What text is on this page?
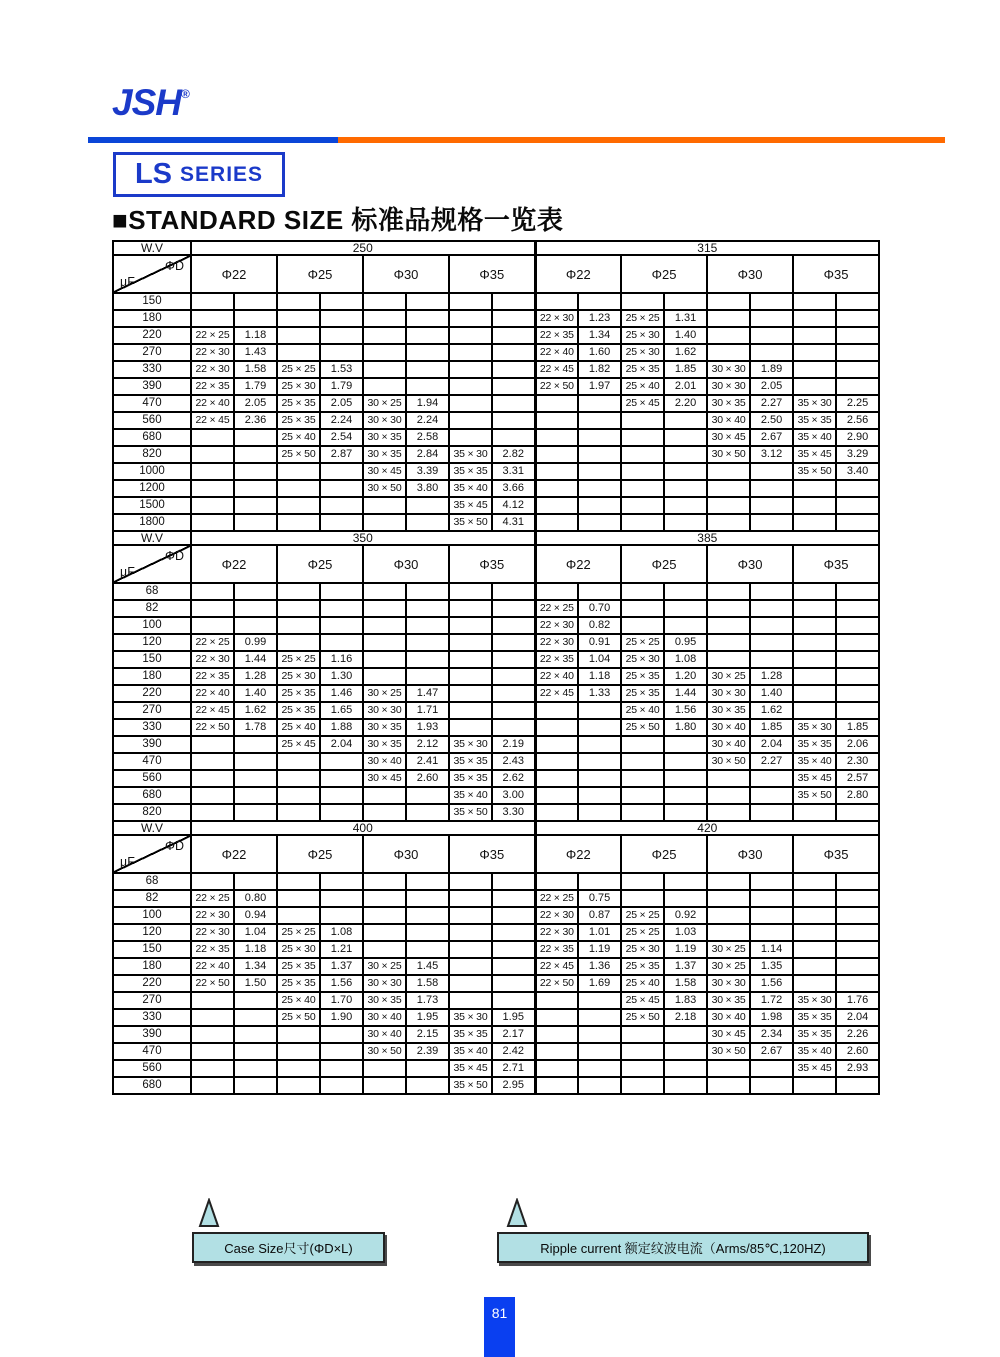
JSH®
LS SERIES
■STANDARD SIZE 标准品规格一览表
W.V	250								315							

ΦD
µF	Φ22		Φ25		Φ30		Φ35		Φ22		Φ25		Φ30		Φ35	
150																
180									22 × 30	1.23	25 × 25	1.31				
220	22 × 25	1.18							22 × 35	1.34	25 × 30	1.40				
270	22 × 30	1.43							22 × 40	1.60	25 × 30	1.62				
330	22 × 30	1.58	25 × 25	1.53					22 × 45	1.82	25 × 35	1.85	30 × 30	1.89		
390	22 × 35	1.79	25 × 30	1.79					22 × 50	1.97	25 × 40	2.01	30 × 30	2.05		
470	22 × 40	2.05	25 × 35	2.05	30 × 25	1.94					25 × 45	2.20	30 × 35	2.27	35 × 30	2.25
560	22 × 45	2.36	25 × 35	2.24	30 × 30	2.24							30 × 40	2.50	35 × 35	2.56
680			25 × 40	2.54	30 × 35	2.58							30 × 45	2.67	35 × 40	2.90
820			25 × 50	2.87	30 × 35	2.84	35 × 30	2.82					30 × 50	3.12	35 × 45	3.29
1000					30 × 45	3.39	35 × 35	3.31							35 × 50	3.40
1200					30 × 50	3.80	35 × 40	3.66								
1500							35 × 45	4.12								
1800							35 × 50	4.31								
W.V	350								385							

ΦD
µF	Φ22		Φ25		Φ30		Φ35		Φ22		Φ25		Φ30		Φ35	
68																
82									22 × 25	0.70						
100									22 × 30	0.82						
120	22 × 25	0.99							22 × 30	0.91	25 × 25	0.95				
150	22 × 30	1.44	25 × 25	1.16					22 × 35	1.04	25 × 30	1.08				
180	22 × 35	1.28	25 × 30	1.30					22 × 40	1.18	25 × 35	1.20	30 × 25	1.28		
220	22 × 40	1.40	25 × 35	1.46	30 × 25	1.47			22 × 45	1.33	25 × 35	1.44	30 × 30	1.40		
270	22 × 45	1.62	25 × 35	1.65	30 × 30	1.71					25 × 40	1.56	30 × 35	1.62		
330	22 × 50	1.78	25 × 40	1.88	30 × 35	1.93					25 × 50	1.80	30 × 40	1.85	35 × 30	1.85
390			25 × 45	2.04	30 × 35	2.12	35 × 30	2.19					30 × 40	2.04	35 × 35	2.06
470					30 × 40	2.41	35 × 35	2.43					30 × 50	2.27	35 × 40	2.30
560					30 × 45	2.60	35 × 35	2.62							35 × 45	2.57
680							35 × 40	3.00							35 × 50	2.80
820							35 × 50	3.30								
W.V	400								420							

ΦD
µF	Φ22		Φ25		Φ30		Φ35		Φ22		Φ25		Φ30		Φ35	
68																
82	22 × 25	0.80							22 × 25	0.75						
100	22 × 30	0.94							22 × 30	0.87	25 × 25	0.92				
120	22 × 30	1.04	25 × 25	1.08					22 × 30	1.01	25 × 25	1.03				
150	22 × 35	1.18	25 × 30	1.21					22 × 35	1.19	25 × 30	1.19	30 × 25	1.14		
180	22 × 40	1.34	25 × 35	1.37	30 × 25	1.45			22 × 45	1.36	25 × 35	1.37	30 × 25	1.35		
220	22 × 50	1.50	25 × 35	1.56	30 × 30	1.58			22 × 50	1.69	25 × 40	1.58	30 × 30	1.56		
270			25 × 40	1.70	30 × 35	1.73					25 × 45	1.83	30 × 35	1.72	35 × 30	1.76
330			25 × 50	1.90	30 × 40	1.95	35 × 30	1.95			25 × 50	2.18	30 × 40	1.98	35 × 35	2.04
390					30 × 40	2.15	35 × 35	2.17					30 × 45	2.34	35 × 35	2.26
470					30 × 50	2.39	35 × 40	2.42					30 × 50	2.67	35 × 40	2.60
560							35 × 45	2.71							35 × 45	2.93
680							35 × 50	2.95								
Case Size尺寸(ΦD×L)	Ripple current 额定纹波电流（Arms/85℃,120HZ)
81
